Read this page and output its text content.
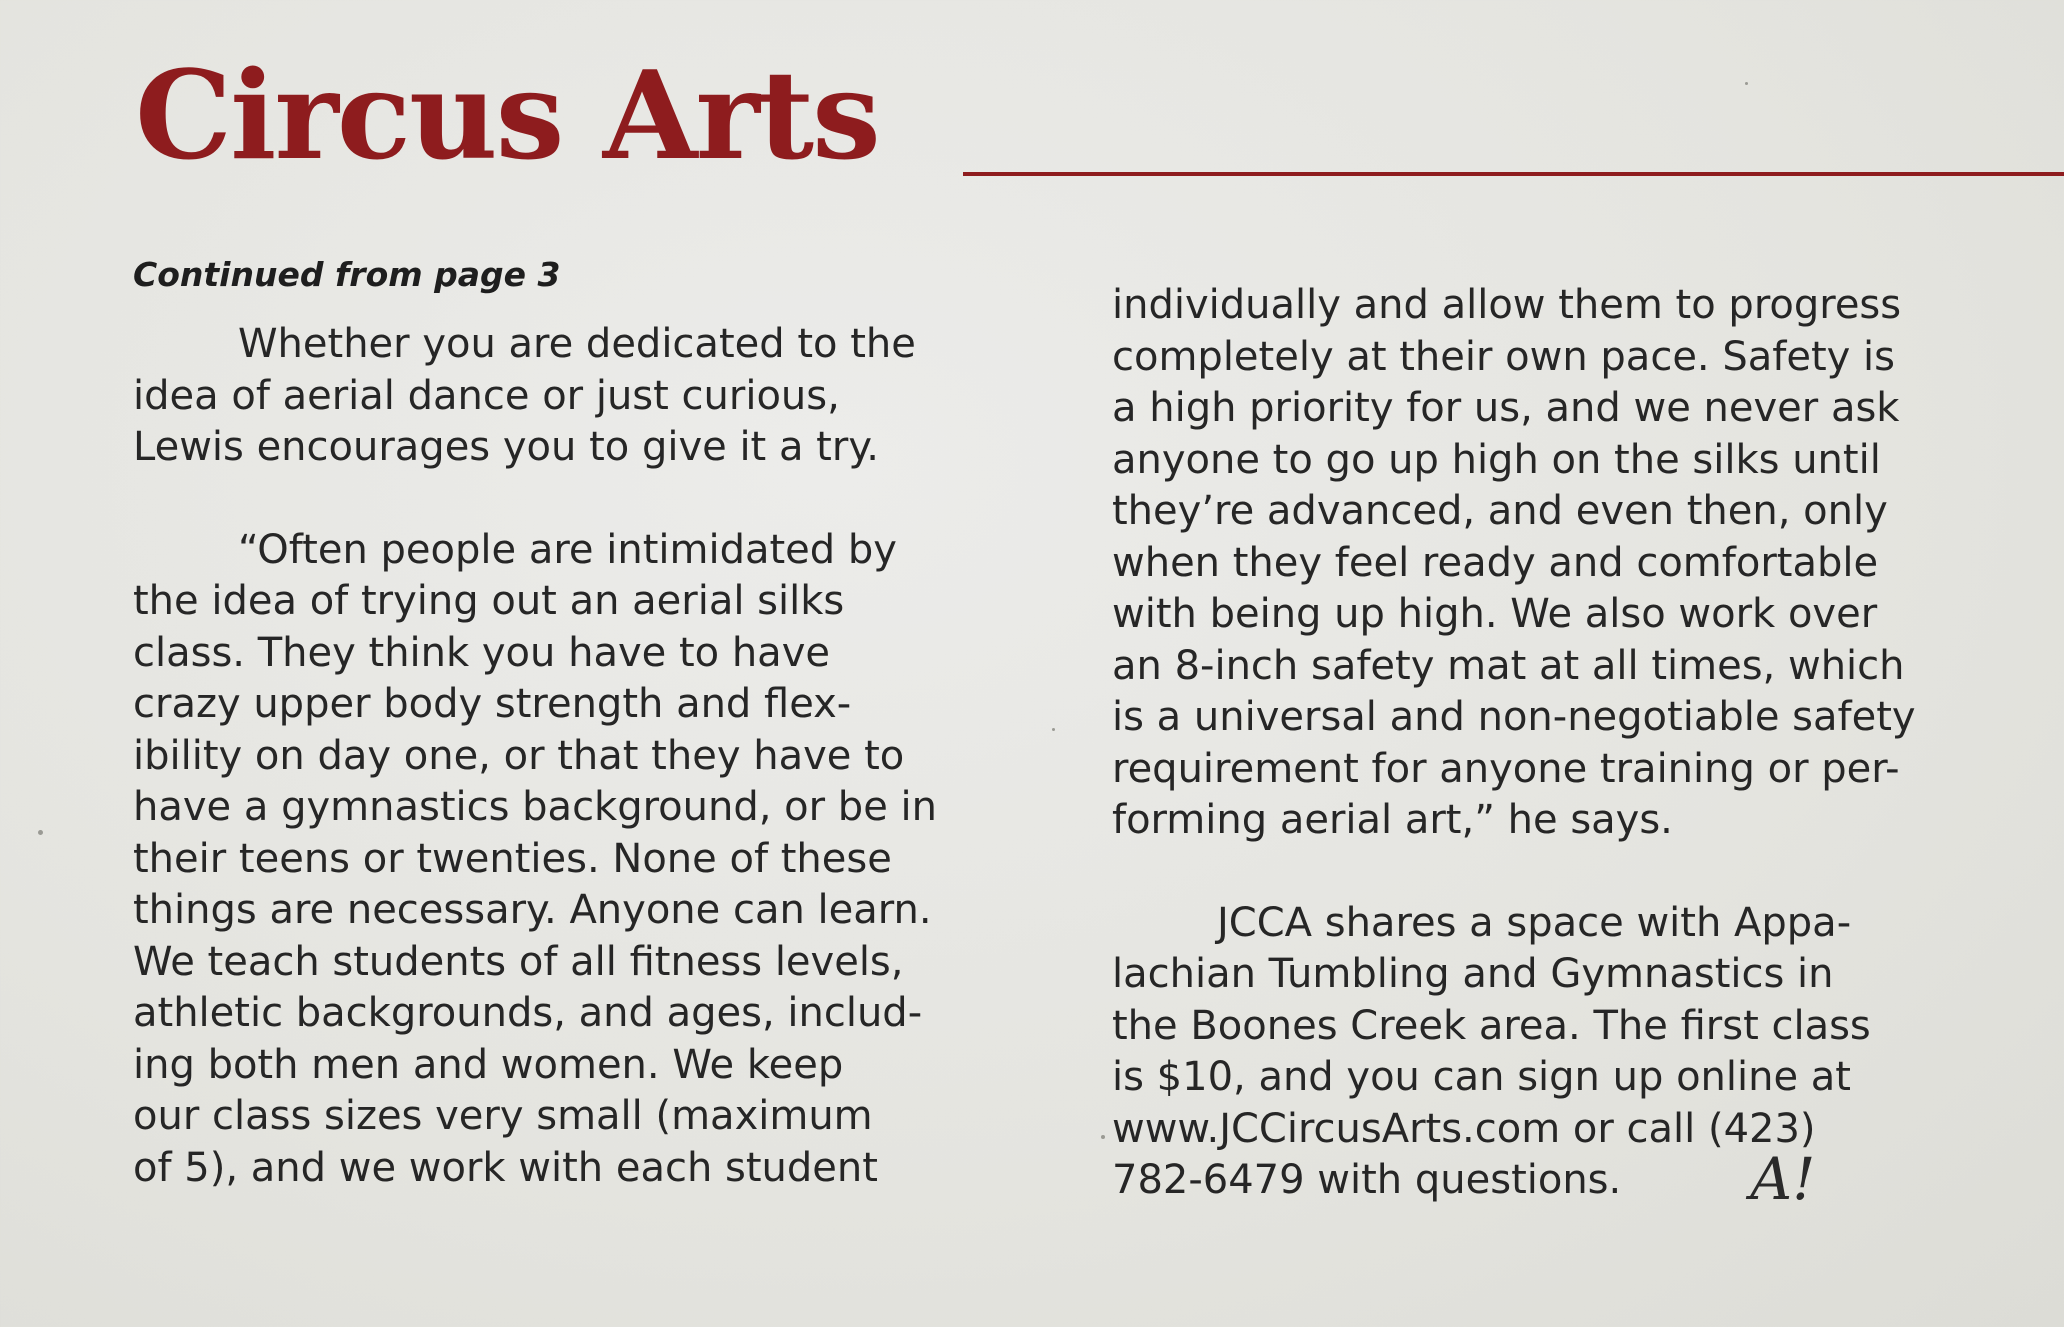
Circus Arts
Continued from page 3

Whether you are dedicated to the
idea of aerial dance or just curious,
Lewis encourages you to give it a try.

“Often people are intimidated by
the idea of trying out an aerial silks
class. They think you have to have
crazy upper body strength and flex-
ibility on day one, or that they have to
have a gymnastics background, or be in
their teens or twenties. None of these
things are necessary. Anyone can learn.
We teach students of all fitness levels,
athletic backgrounds, and ages, includ-
ing both men and women. We keep
our class sizes very small (maximum
of 5), and we work with each student

individually and allow them to progress
completely at their own pace. Safety is
a high priority for us, and we never ask
anyone to go up high on the silks until
they’re advanced, and even then, only
when they feel ready and comfortable
with being up high. We also work over
an 8-inch safety mat at all times, which
is a universal and non-negotiable safety
requirement for anyone training or per-
forming aerial art,” he says.

JCCA shares a space with Appa-
lachian Tumbling and Gymnastics in
the Boones Creek area. The first class
is $10, and you can sign up online at
www.JCCircusArts.com or call (423)
782-6479 with questions. A!
